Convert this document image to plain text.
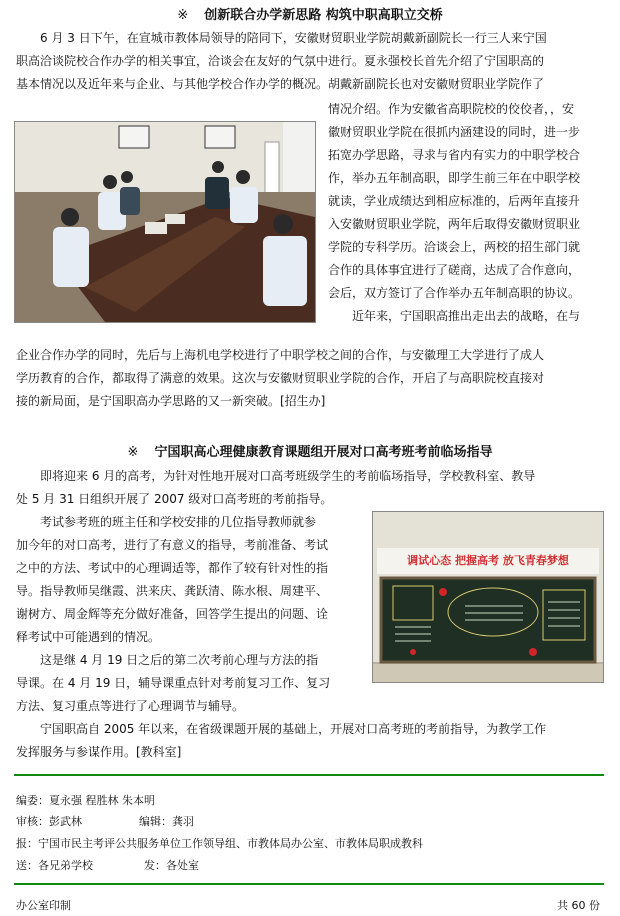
※ 创新联合办学新思路 构筑中职高职立交桥

6 月 3 日下午，在宣城市教体局领导的陪同下，安徽财贸职业学院胡戴新副院长一行三人来宁国

职高洽谈院校合作办学的相关事宜，洽谈会在友好的气氛中进行。夏永强校长首先介绍了宁国职高的

基本情况以及近年来与企业、与其他学校合作办学的概况。胡戴新副院长也对安徽财贸职业学院作了

情况介绍。作为安徽省高职院校的佼佼者，，安

徽财贸职业学院在很抓内涵建设的同时，进一步

拓宽办学思路，寻求与省内有实力的中职学校合

作，举办五年制高职，即学生前三年在中职学校

就读，学业成绩达到相应标准的，后两年直接升

入安徽财贸职业学院，两年后取得安徽财贸职业

学院的专科学历。洽谈会上，两校的招生部门就

合作的具体事宜进行了磋商，达成了合作意向，

会后，双方签订了合作举办五年制高职的协议。

近年来，宁国职高推出走出去的战略，在与

企业合作办学的同时，先后与上海机电学校进行了中职学校之间的合作，与安徽理工大学进行了成人

学历教育的合作，都取得了满意的效果。这次与安徽财贸职业学院的合作，开启了与高职院校直接对

接的新局面，是宁国职高办学思路的又一新突破。[招生办]

※ 宁国职高心理健康教育课题组开展对口高考班考前临场指导

即将迎来 6 月的高考，为针对性地开展对口高考班级学生的考前临场指导，学校教科室、教导

处 5 月 31 日组织开展了 2007 级对口高考班的考前指导。

调试心态 把握高考 放飞青春梦想

考试参考班的班主任和学校安排的几位指导教师就参

加今年的对口高考，进行了有意义的指导，考前准备、考试

之中的方法、考试中的心理调适等，都作了较有针对性的指

导。指导教师吴继霞、洪来庆、龚跃清、陈水根、周建平、

谢树方、周金辉等充分做好准备，回答学生提出的问题、诠

释考试中可能遇到的情况。

这是继 4 月 19 日之后的第二次考前心理与方法的指

导课。在 4 月 19 日，辅导课重点针对考前复习工作、复习

方法、复习重点等进行了心理调节与辅导。

宁国职高自 2005 年以来，在省级课题开展的基础上，开展对口高考班的考前指导，为教学工作

发挥服务与参谋作用。[教科室]

编委：夏永强 程胜林 朱本明
审核：彭武林	编辑：龚羽
报：宁国市民主考评公共服务单位工作领导组、市教体局办公室、市教体局职成教科
送：各兄弟学校	发：各处室
办公室印制	共 60 份
